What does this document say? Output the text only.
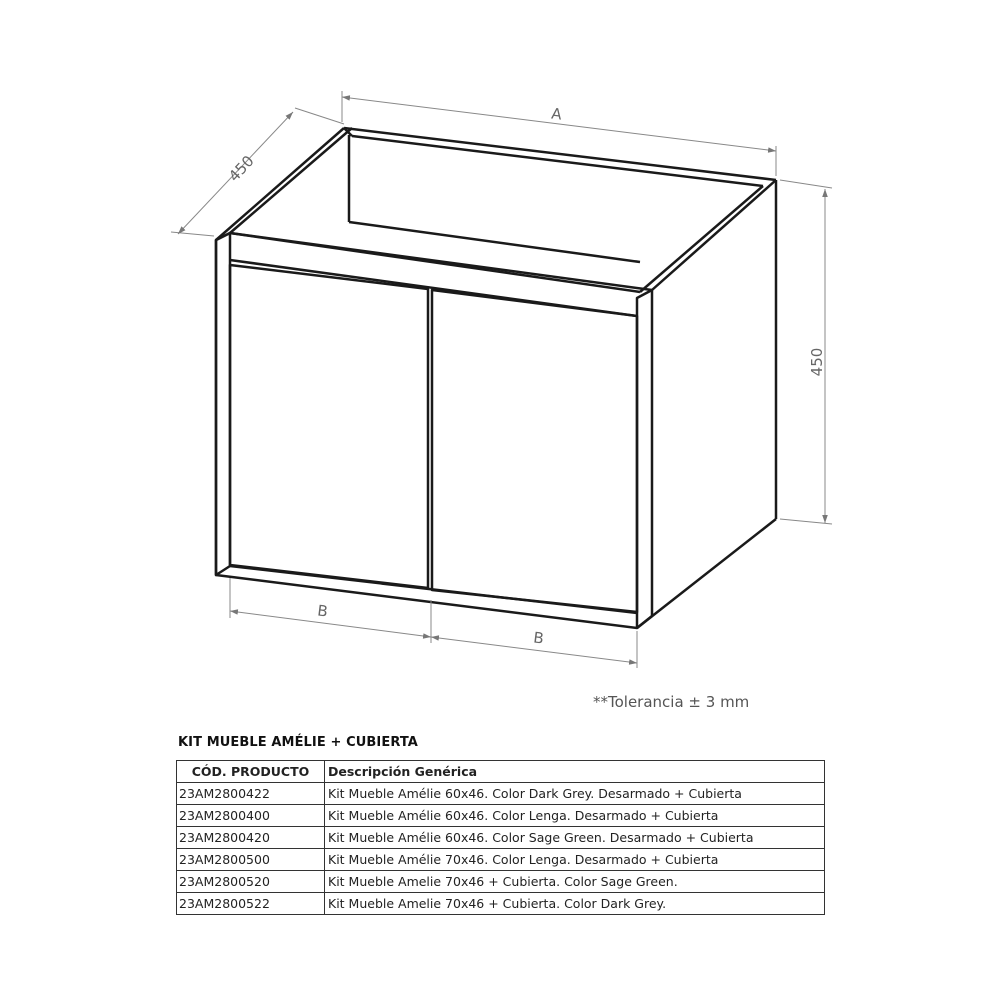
450
A
450
B
B
**Tolerancia ± 3 mm
KIT MUEBLE AMÉLIE + CUBIERTA
CÓD. PRODUCTO	Descripción Genérica
23AM2800422	Kit Mueble Amélie 60x46. Color Dark Grey. Desarmado + Cubierta
23AM2800400	Kit Mueble Amélie 60x46. Color Lenga. Desarmado + Cubierta
23AM2800420	Kit Mueble Amélie 60x46. Color Sage Green. Desarmado + Cubierta
23AM2800500	Kit Mueble Amélie 70x46. Color Lenga. Desarmado + Cubierta
23AM2800520	Kit Mueble Amelie 70x46 + Cubierta. Color Sage Green.
23AM2800522	Kit Mueble Amelie 70x46 + Cubierta. Color Dark Grey.
